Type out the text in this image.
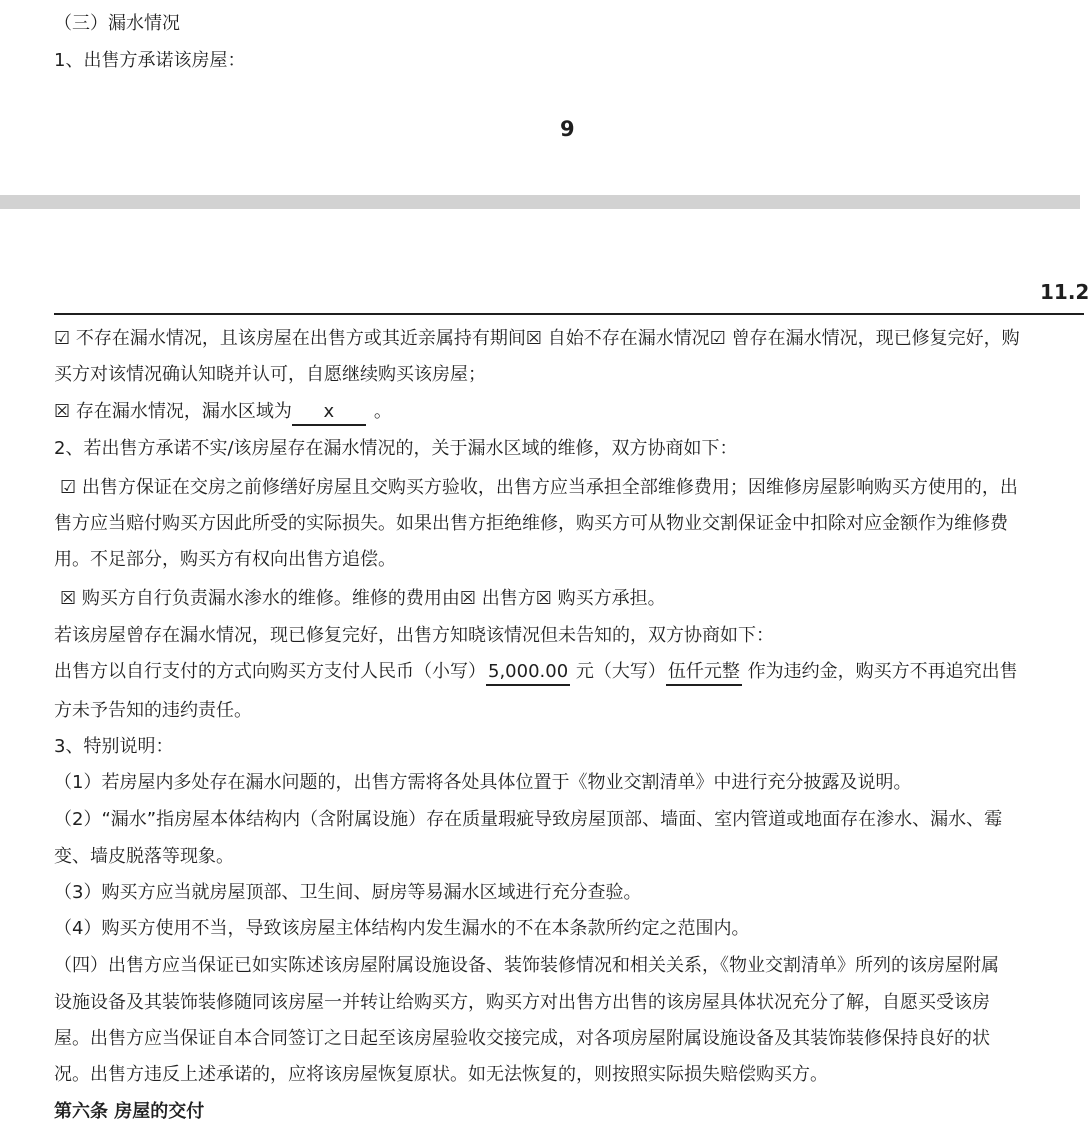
（三）漏水情况
1、出售方承诺该房屋：
9
11.2
☑ 不存在漏水情况，且该房屋在出售方或其近亲属持有期间☒ 自始不存在漏水情况☑ 曾存在漏水情况，现已修复完好，购
买方对该情况确认知晓并认可，自愿继续购买该房屋；
☒ 存在漏水情况，漏水区域为 x 。
2、若出售方承诺不实/该房屋存在漏水情况的，关于漏水区域的维修，双方协商如下：
☑ 出售方保证在交房之前修缮好房屋且交购买方验收，出售方应当承担全部维修费用；因维修房屋影响购买方使用的，出
售方应当赔付购买方因此所受的实际损失。如果出售方拒绝维修，购买方可从物业交割保证金中扣除对应金额作为维修费
用。不足部分，购买方有权向出售方追偿。
☒ 购买方自行负责漏水渗水的维修。维修的费用由☒ 出售方☒ 购买方承担。
若该房屋曾存在漏水情况，现已修复完好，出售方知晓该情况但未告知的，双方协商如下：
出售方以自行支付的方式向购买方支付人民币（小写） 5,000.00 元（大写） 伍仟元整 作为违约金，购买方不再追究出售
方未予告知的违约责任。
3、特别说明：
（1）若房屋内多处存在漏水问题的，出售方需将各处具体位置于《物业交割清单》中进行充分披露及说明。
（2）“漏水”指房屋本体结构内（含附属设施）存在质量瑕疵导致房屋顶部、墙面、室内管道或地面存在渗水、漏水、霉
变、墙皮脱落等现象。
（3）购买方应当就房屋顶部、卫生间、厨房等易漏水区域进行充分查验。
（4）购买方使用不当，导致该房屋主体结构内发生漏水的不在本条款所约定之范围内。
（四）出售方应当保证已如实陈述该房屋附属设施设备、装饰装修情况和相关关系，《物业交割清单》所列的该房屋附属
设施设备及其装饰装修随同该房屋一并转让给购买方，购买方对出售方出售的该房屋具体状况充分了解，自愿买受该房
屋。出售方应当保证自本合同签订之日起至该房屋验收交接完成，对各项房屋附属设施设备及其装饰装修保持良好的状
况。出售方违反上述承诺的，应将该房屋恢复原状。如无法恢复的，则按照实际损失赔偿购买方。
第六条 房屋的交付
